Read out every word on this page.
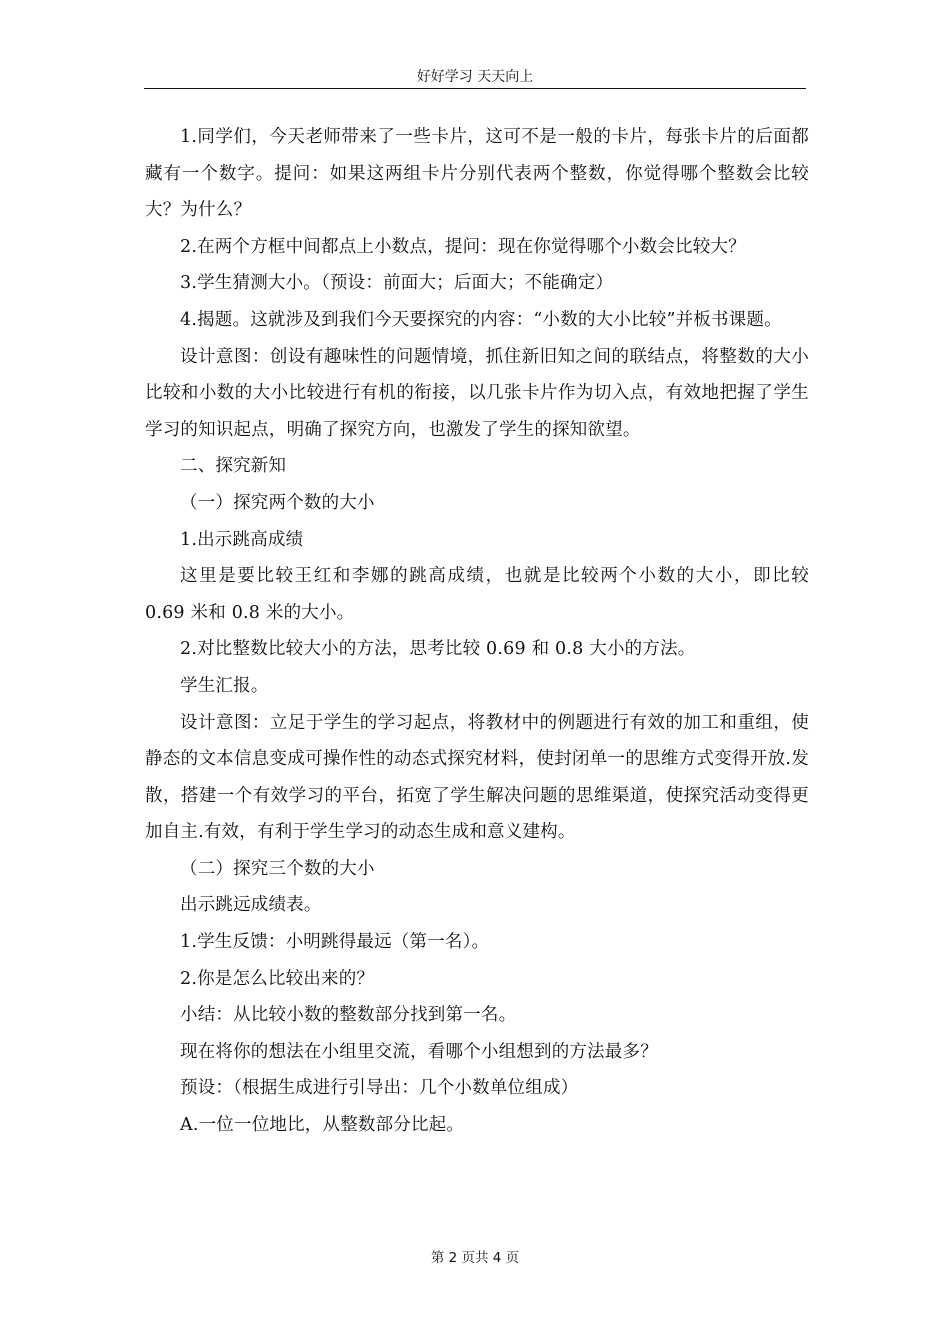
好好学习 天天向上

1.同学们，今天老师带来了一些卡片，这可不是一般的卡片，每张卡片的后面都藏有一个数字。提问：如果这两组卡片分别代表两个整数，你觉得哪个整数会比较大？为什么？

2.在两个方框中间都点上小数点，提问：现在你觉得哪个小数会比较大？

3.学生猜测大小。（预设：前面大；后面大；不能确定）

4.揭题。这就涉及到我们今天要探究的内容：“小数的大小比较”并板书课题。

设计意图：创设有趣味性的问题情境，抓住新旧知之间的联结点，将整数的大小比较和小数的大小比较进行有机的衔接，以几张卡片作为切入点，有效地把握了学生学习的知识起点，明确了探究方向，也激发了学生的探知欲望。

二、探究新知

（一）探究两个数的大小

1.出示跳高成绩

这里是要比较王红和李娜的跳高成绩，也就是比较两个小数的大小，即比较 0.69 米和 0.8 米的大小。

2.对比整数比较大小的方法，思考比较 0.69 和 0.8 大小的方法。

学生汇报。

设计意图：立足于学生的学习起点，将教材中的例题进行有效的加工和重组，使静态的文本信息变成可操作性的动态式探究材料，使封闭单一的思维方式变得开放.发散，搭建一个有效学习的平台，拓宽了学生解决问题的思维渠道，使探究活动变得更加自主.有效，有利于学生学习的动态生成和意义建构。

（二）探究三个数的大小

出示跳远成绩表。

1.学生反馈：小明跳得最远（第一名）。

2.你是怎么比较出来的？

小结：从比较小数的整数部分找到第一名。

现在将你的想法在小组里交流，看哪个小组想到的方法最多？

预设：（根据生成进行引导出：几个小数单位组成）

A.一位一位地比，从整数部分比起。

第 2 页共 4 页
